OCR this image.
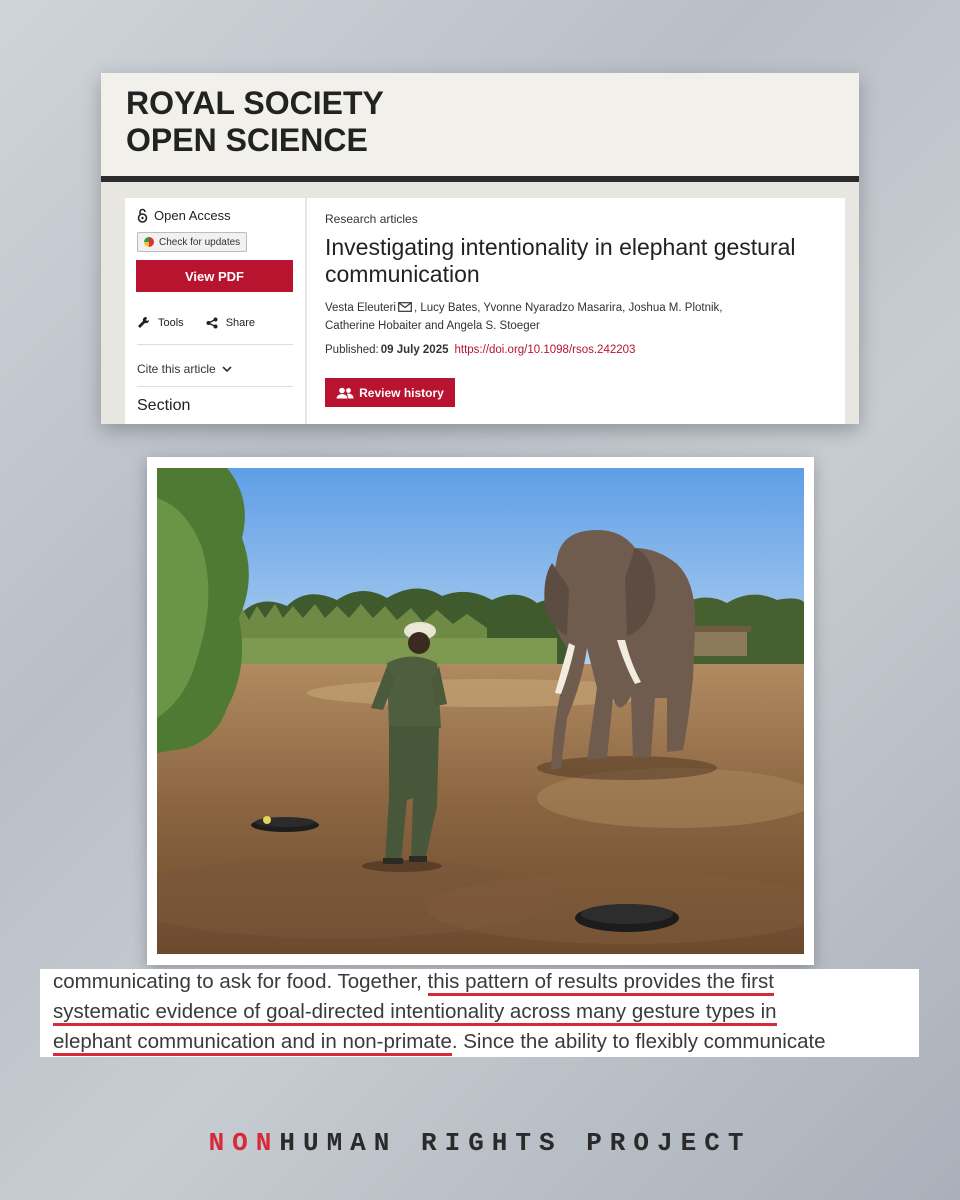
ROYAL SOCIETY
OPEN SCIENCE
Open Access
Check for updates
View PDF
Tools	Share
Cite this article
Section
Research articles
Investigating intentionality in elephant gestural communication
Vesta Eleuteri , Lucy Bates, Yvonne Nyaradzo Masarira, Joshua M. Plotnik,
Catherine Hobaiter and Angela S. Stoeger
Published: 09 July 2025 https://doi.org/10.1098/rsos.242203
Review history
communicating to ask for food. Together, this pattern of results provides the first
systematic evidence of goal-directed intentionality across many gesture types in
elephant communication and in non-primate. Since the ability to flexibly communicate
NONHUMAN RIGHTS PROJECT
